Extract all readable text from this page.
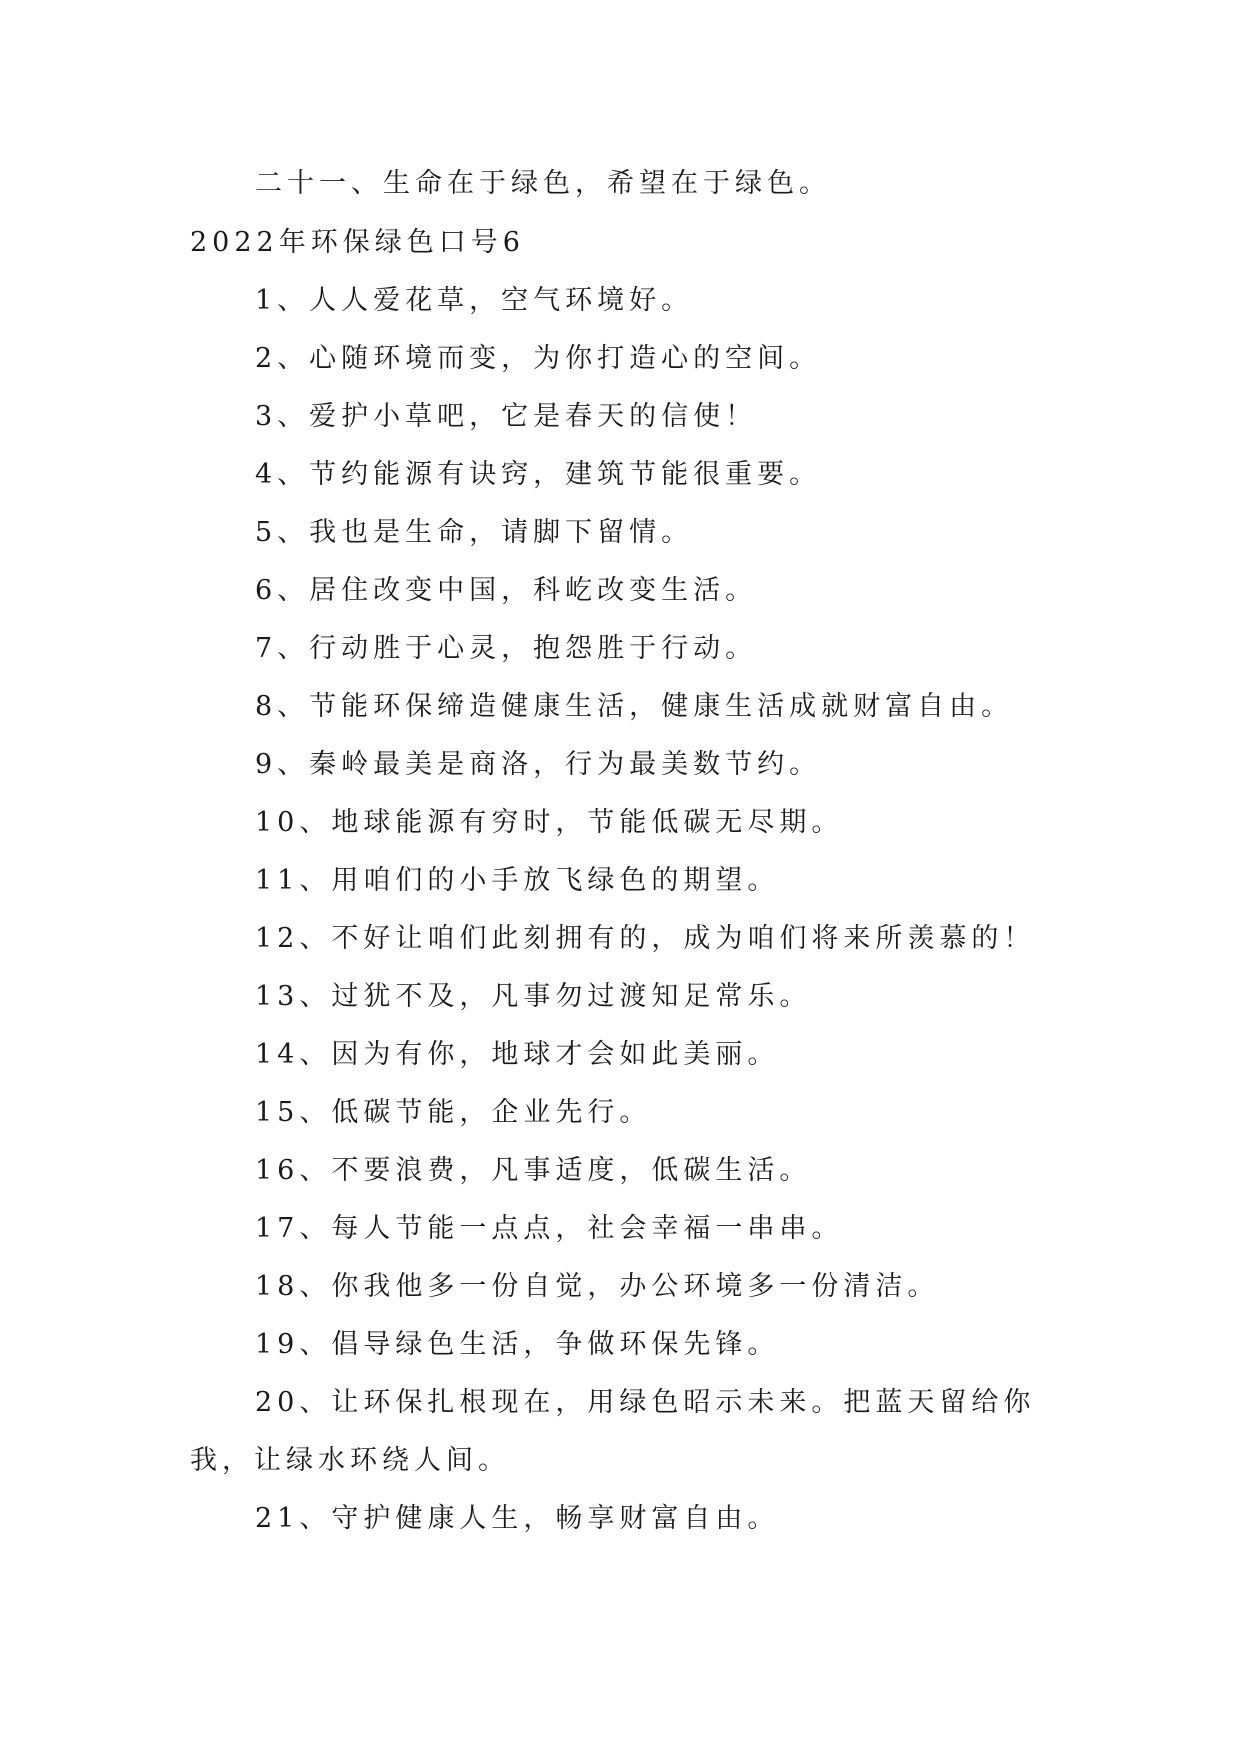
二十一、生命在于绿色，希望在于绿色。
2022年环保绿色口号6
1、人人爱花草，空气环境好。
2、心随环境而变，为你打造心的空间。
3、爱护小草吧，它是春天的信使！
4、节约能源有诀窍，建筑节能很重要。
5、我也是生命，请脚下留情。
6、居住改变中国，科屹改变生活。
7、行动胜于心灵，抱怨胜于行动。
8、节能环保缔造健康生活，健康生活成就财富自由。
9、秦岭最美是商洛，行为最美数节约。
10、地球能源有穷时，节能低碳无尽期。
11、用咱们的小手放飞绿色的期望。
12、不好让咱们此刻拥有的，成为咱们将来所羡慕的！
13、过犹不及，凡事勿过渡知足常乐。
14、因为有你，地球才会如此美丽。
15、低碳节能，企业先行。
16、不要浪费，凡事适度，低碳生活。
17、每人节能一点点，社会幸福一串串。
18、你我他多一份自觉，办公环境多一份清洁。
19、倡导绿色生活，争做环保先锋。
20、让环保扎根现在，用绿色昭示未来。把蓝天留给你
我，让绿水环绕人间。
21、守护健康人生，畅享财富自由。
